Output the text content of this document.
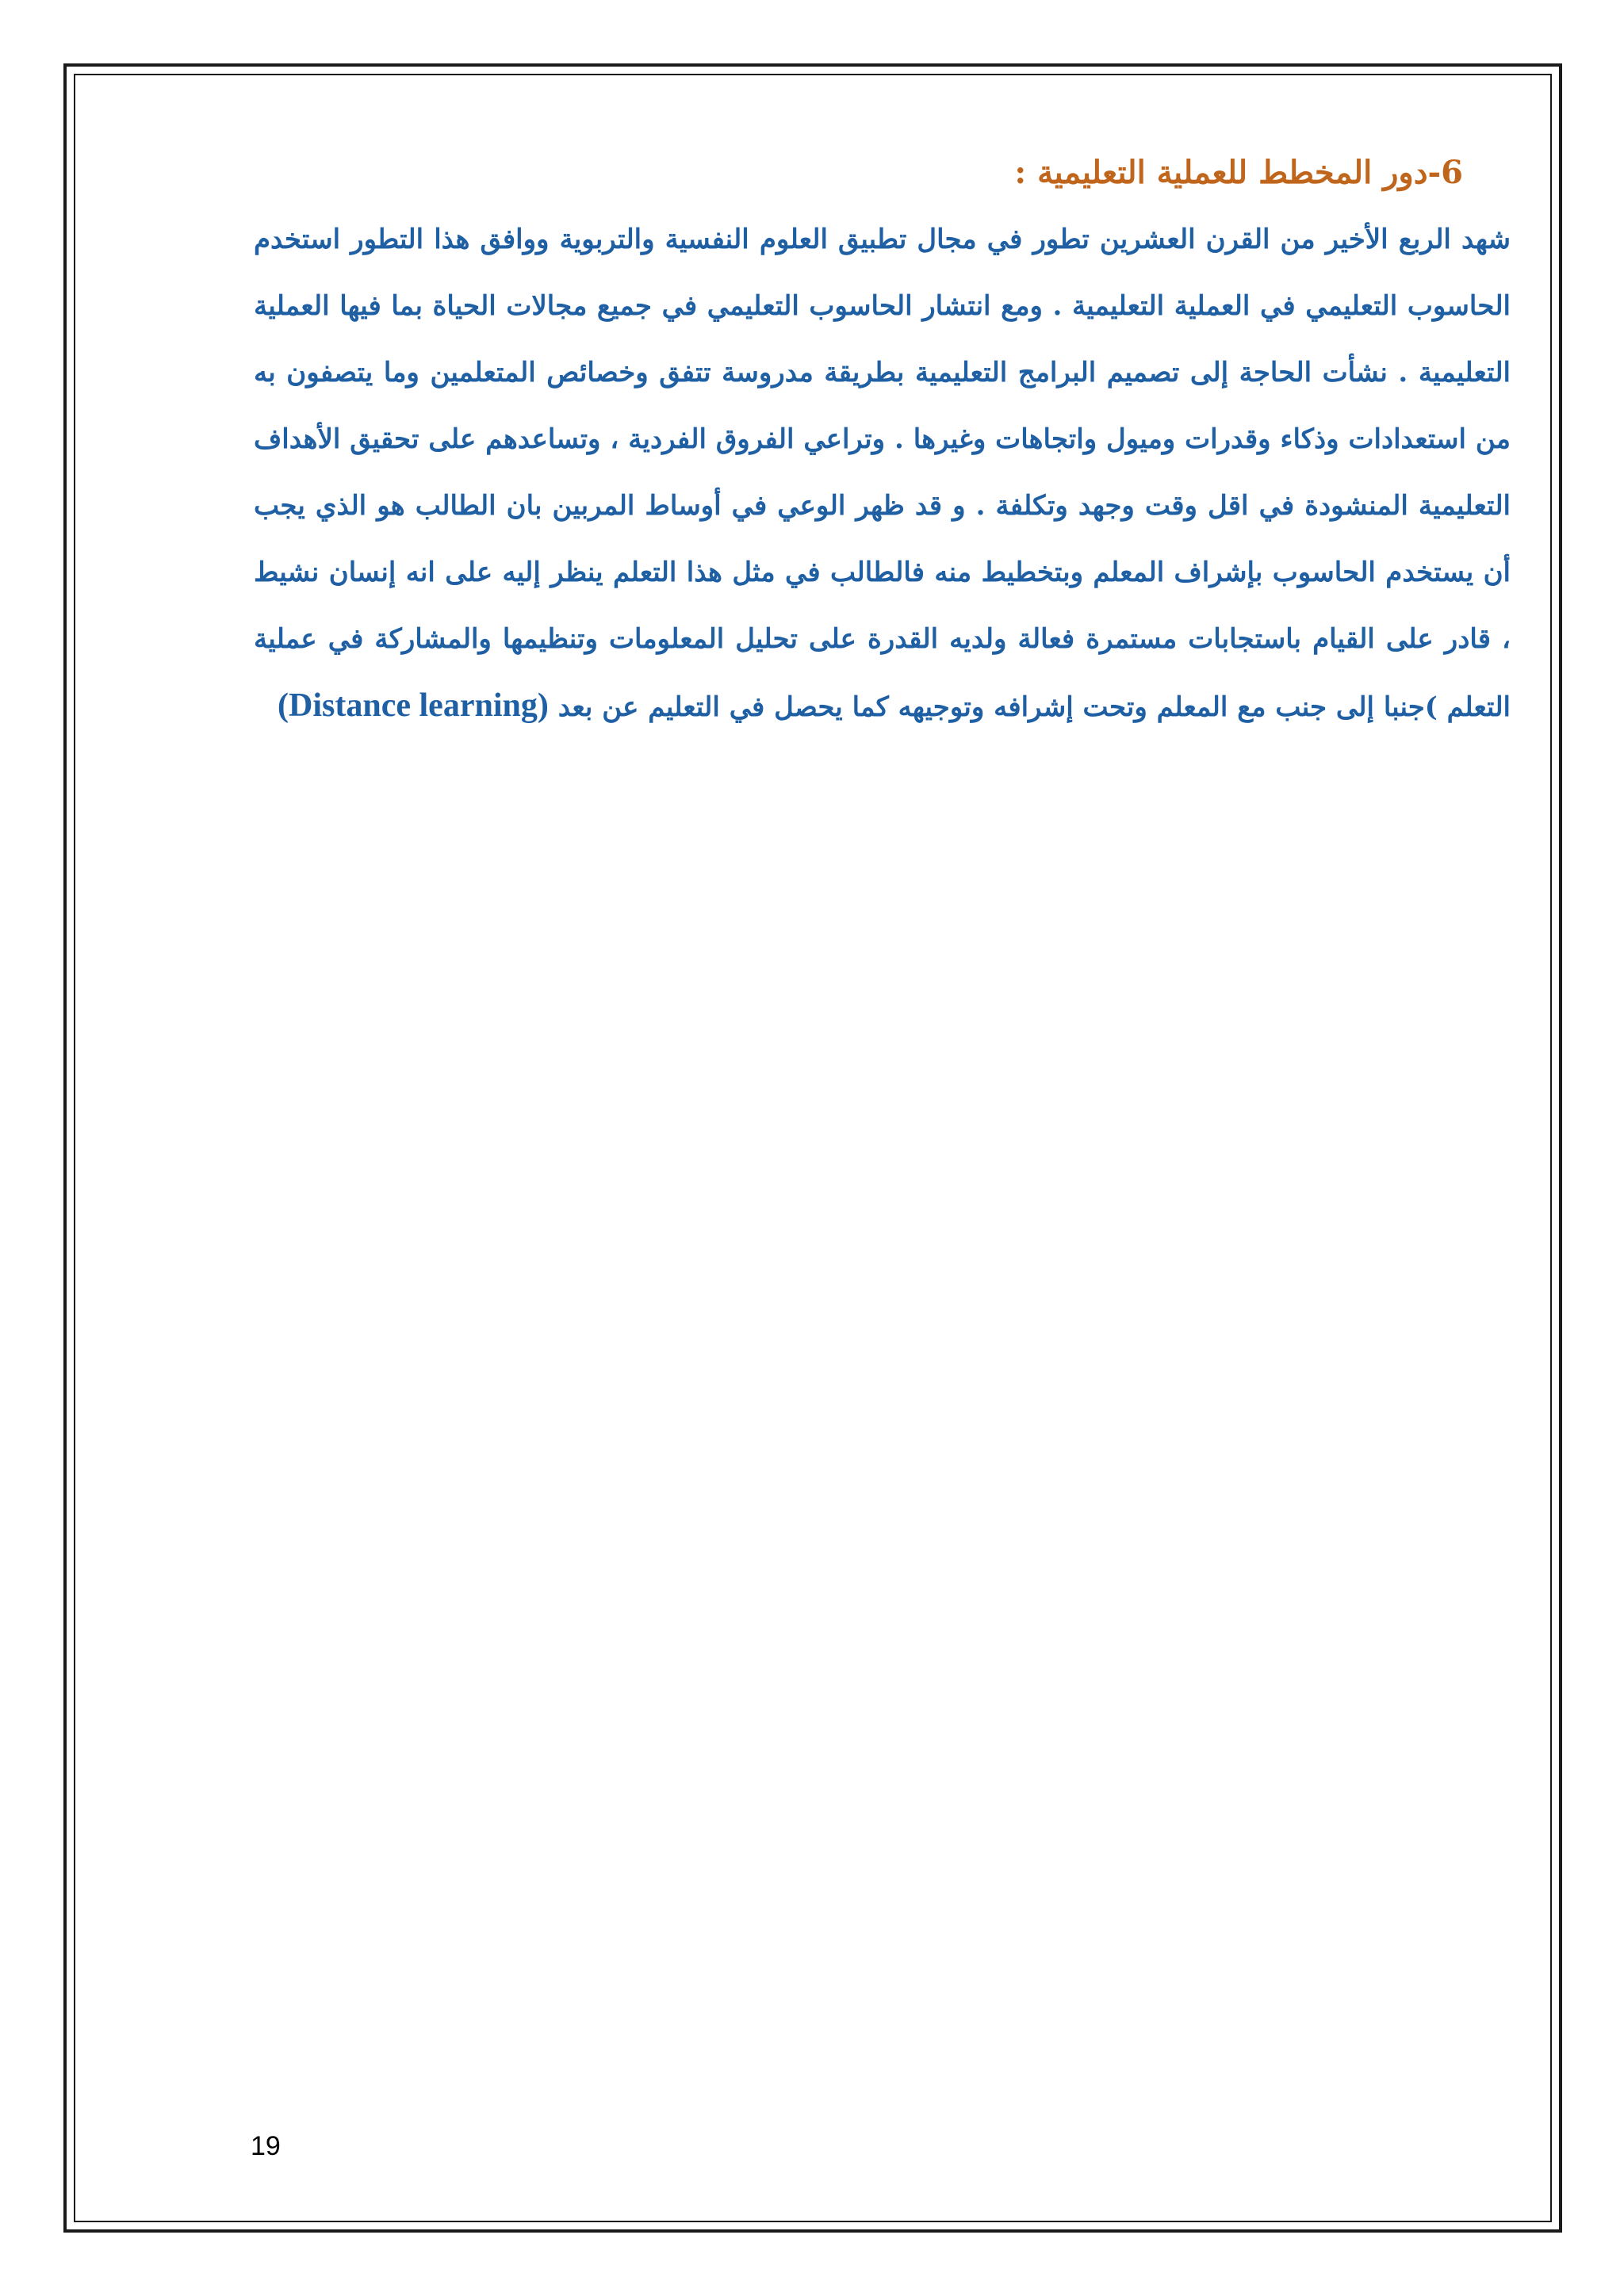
6-دور المخطط للعملية التعليمية :

شهد الربع الأخير من القرن العشرين تطور في مجال تطبيق العلوم النفسية والتربوية ووافق هذا التطور استخدم الحاسوب التعليمي في العملية التعليمية . ومع انتشار الحاسوب التعليمي في جميع مجالات الحياة بما فيها العملية التعليمية . نشأت الحاجة إلى تصميم البرامج التعليمية بطريقة مدروسة تتفق وخصائص المتعلمين وما يتصفون به من استعدادات وذكاء وقدرات وميول واتجاهات وغيرها . وتراعي الفروق الفردية ، وتساعدهم على تحقيق الأهداف التعليمية المنشودة في اقل وقت وجهد وتكلفة . و قد ظهر الوعي في أوساط المربين بان الطالب هو الذي يجب أن يستخدم الحاسوب بإشراف المعلم وبتخطيط منه فالطالب في مثل هذا التعلم ينظر إليه على انه إنسان نشيط ، قادر على القيام باستجابات مستمرة فعالة ولديه القدرة على تحليل المعلومات وتنظيمها والمشاركة في عملية التعلم )جنبا إلى جنب مع المعلم وتحت إشرافه وتوجيهه كما يحصل في التعليم عن بعد (Distance learning)

19
